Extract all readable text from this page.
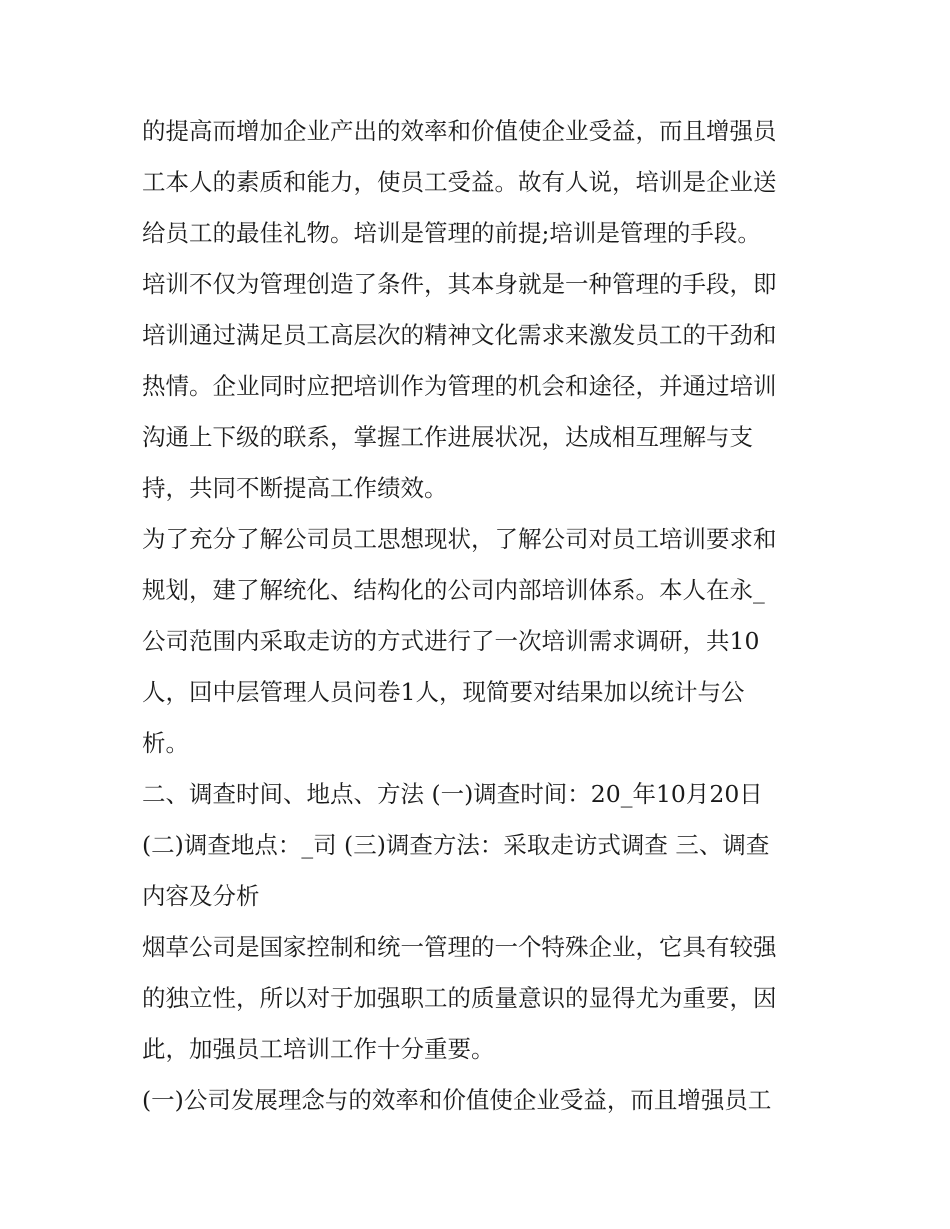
的提高而增加企业产出的效率和价值使企业受益，而且增强员
工本人的素质和能力，使员工受益。故有人说，培训是企业送
给员工的最佳礼物。培训是管理的前提;培训是管理的手段。
培训不仅为管理创造了条件，其本身就是一种管理的手段，即
培训通过满足员工高层次的精神文化需求来激发员工的干劲和
热情。企业同时应把培训作为管理的机会和途径，并通过培训
沟通上下级的联系，掌握工作进展状况，达成相互理解与支
持，共同不断提高工作绩效。
为了充分了解公司员工思想现状，了解公司对员工培训要求和
规划，建了解统化、结构化的公司内部培训体系。本人在永_
公司范围内采取走访的方式进行了一次培训需求调研，共10
人，回中层管理人员问卷1人，现简要对结果加以统计与公
析。
二、调查时间、地点、方法 (一)调查时间：20_年10月20日
(二)调查地点：_司 (三)调查方法：采取走访式调查 三、调查
内容及分析
烟草公司是国家控制和统一管理的一个特殊企业，它具有较强
的独立性，所以对于加强职工的质量意识的显得尤为重要，因
此，加强员工培训工作十分重要。
(一)公司发展理念与的效率和价值使企业受益，而且增强员工
